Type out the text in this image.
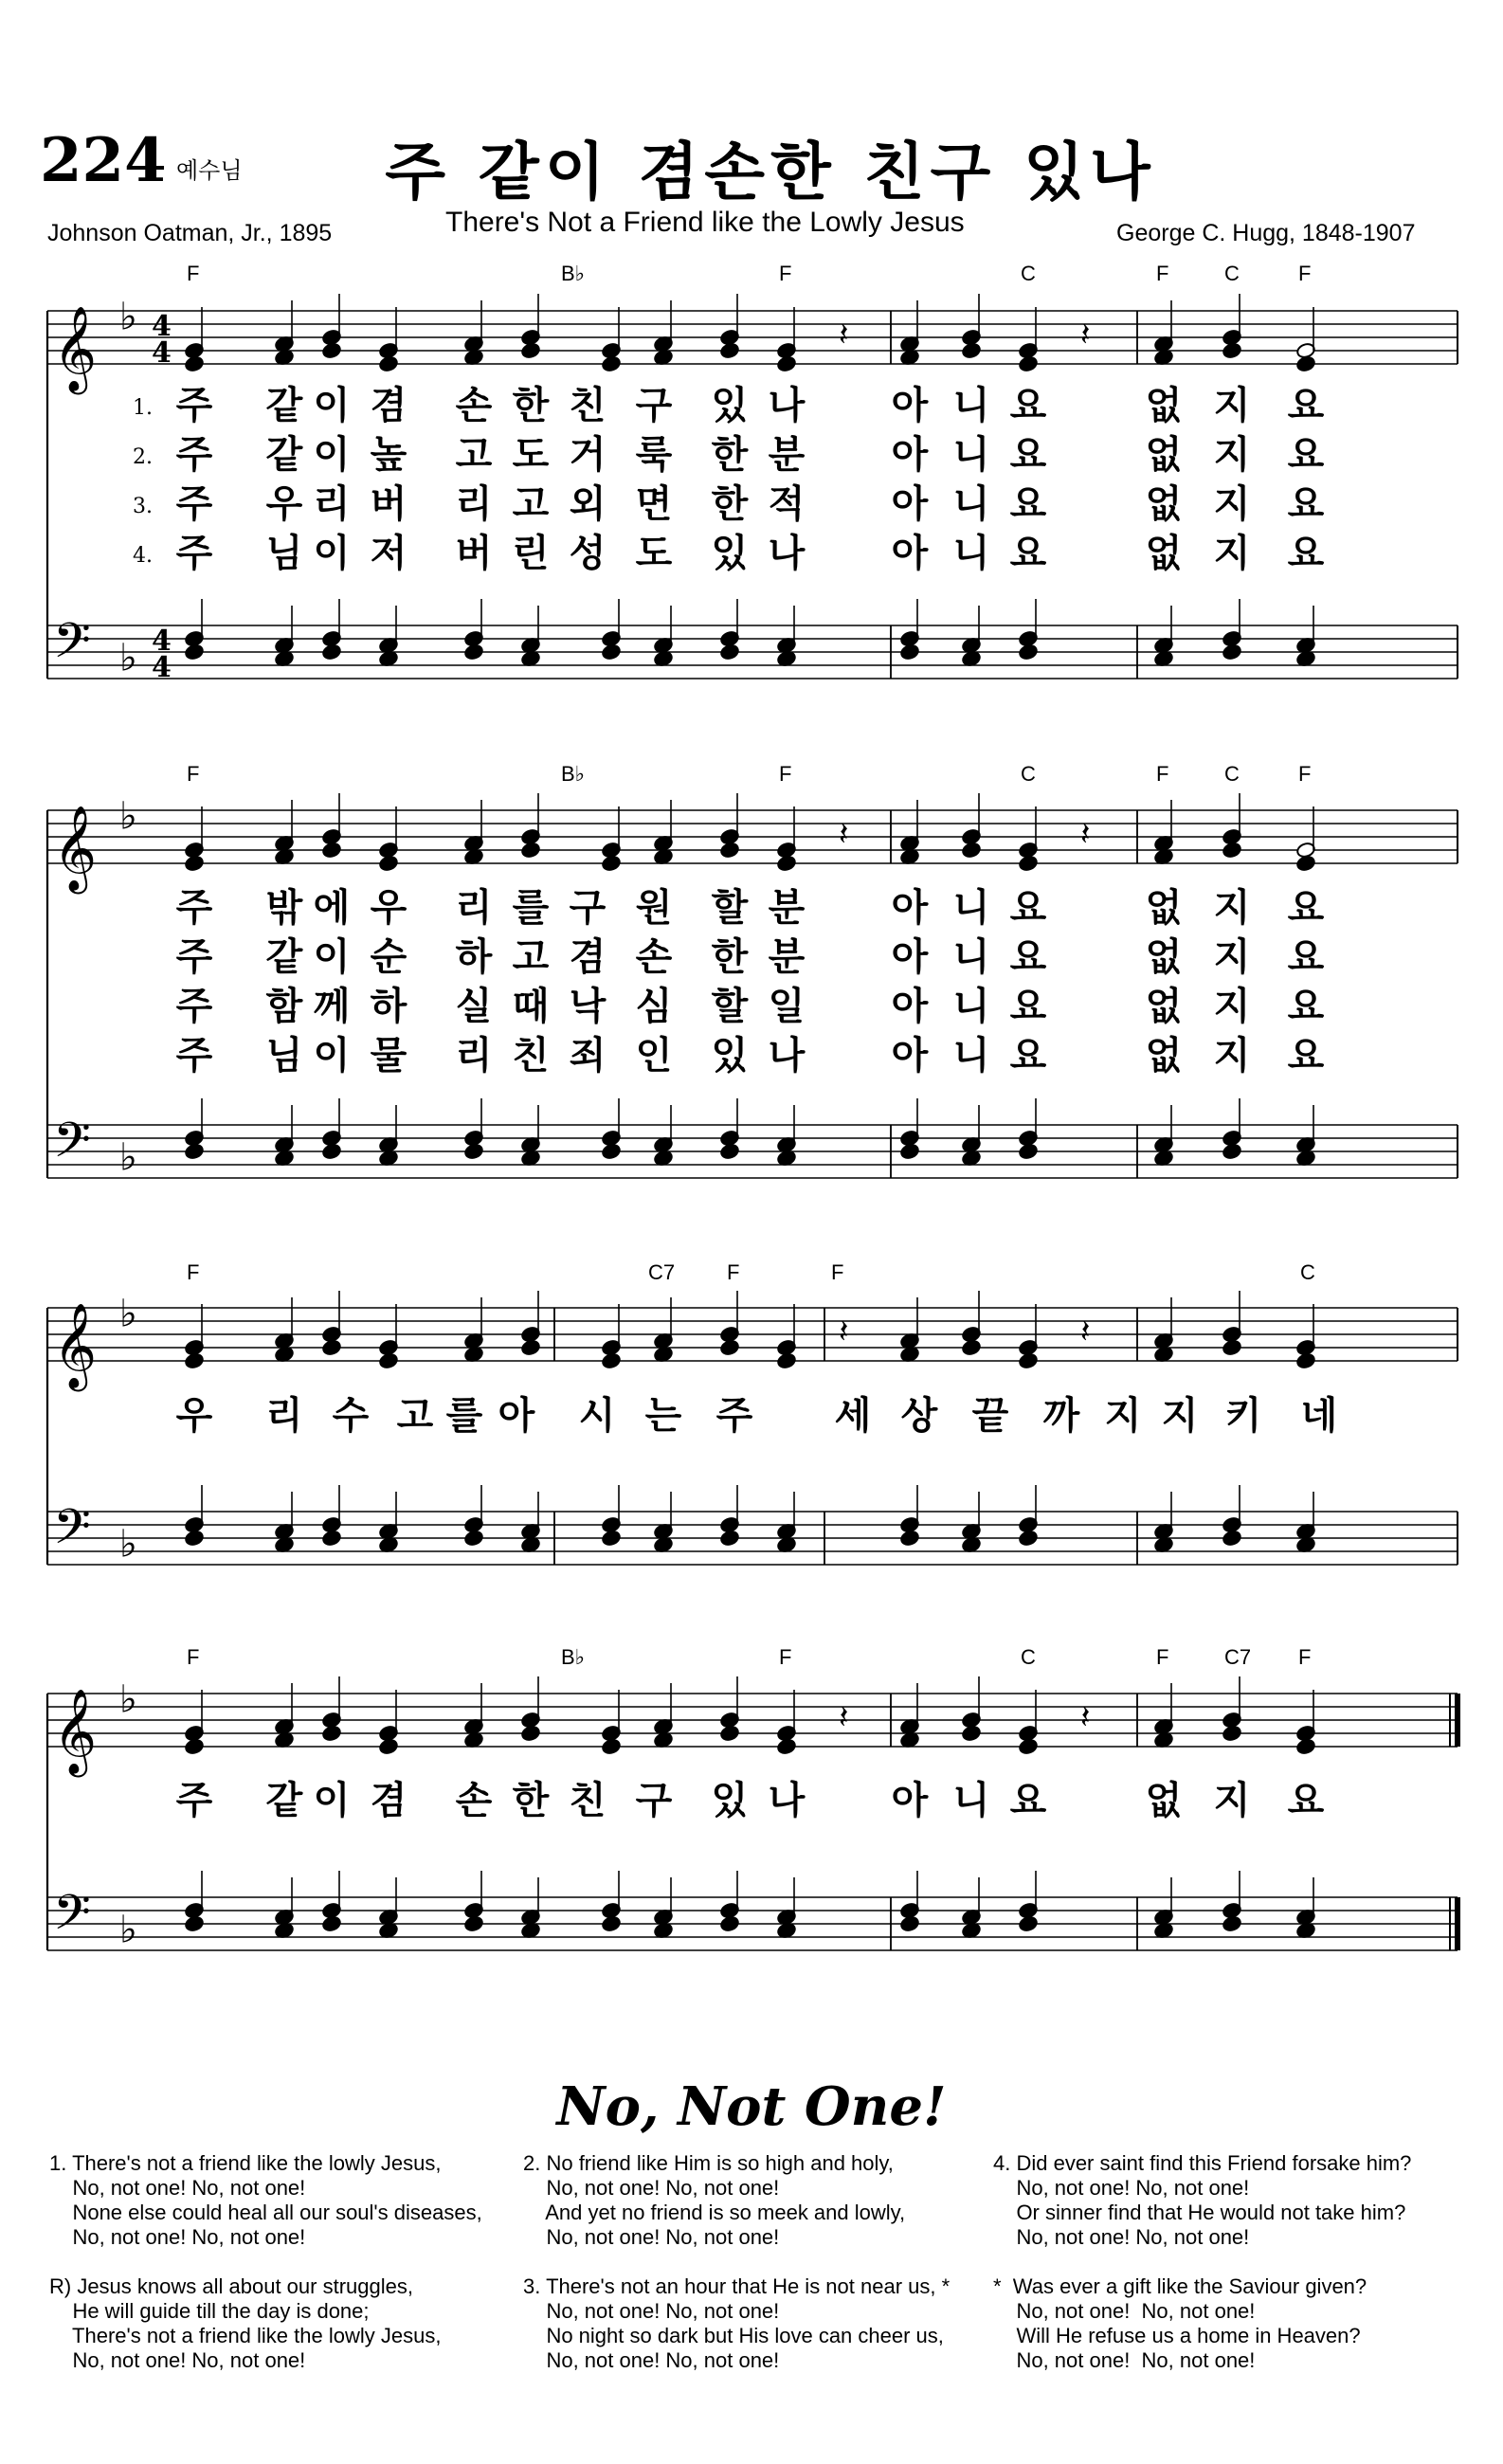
224 예수님	주 같이 겸손한 친구 있나
Johnson Oatman, Jr., 1895	There's Not a Friend like the Lowly Jesus	George C. Hugg, 1848-1907
𝄞 ♭ 4
4	𝄽	𝄽
𝄢 ♭ 4
4
𝄞 ♭	𝄽	𝄽
𝄢 ♭
𝄞 ♭	𝄽	𝄽
𝄢 ♭
𝄞 ♭	𝄽	𝄽
𝄢 ♭
F	B♭	F	C	F	C	F
1. 주 같 이 겸 손 한 친 구 있 나 아 니 요	없 지 요
2. 주 같 이 높 고 도 거 룩 한 분 아 니 요	없 지 요
3. 주 우 리 버 리 고 외 면 한 적 아 니 요	없 지 요
4. 주 님 이 저 버 린 성 도 있 나 아 니 요	없 지 요
F	B♭	F	C	F	C	F
주 밖 에 우 리 를 구 원 할 분 아 니 요	없 지 요
주 같 이 순 하 고 겸 손 한 분 아 니 요	없 지 요
주 함 께 하 실 때 낙 심 할 일 아 니 요	없 지 요
주 님 이 물 리 친 죄 인 있 나 아 니 요	없 지 요
F	C7 F	F	C
우 리 수 고 를 아 시 는 주 세 상 끝 까 지 지 키 네
F	B♭	F	C	F	C7 F
주 같 이 겸 손 한 친 구 있 나 아 니 요	없 지 요
No, Not One!
1. There's not a friend like the lowly Jesus,
No, not one! No, not one!
None else could heal all our soul's diseases,
No, not one! No, not one!

R) Jesus knows all about our struggles,
He will guide till the day is done;
There's not a friend like the lowly Jesus,
No, not one! No, not one!
2. No friend like Him is so high and holy,
No, not one! No, not one!
And yet no friend is so meek and lowly,
No, not one! No, not one!

3. There's not an hour that He is not near us, *
No, not one! No, not one!
No night so dark but His love can cheer us,
No, not one! No, not one!
4. Did ever saint find this Friend forsake him?
No, not one! No, not one!
Or sinner find that He would not take him?
No, not one! No, not one!

*  Was ever a gift like the Saviour given?
No, not one!  No, not one!
Will He refuse us a home in Heaven?
No, not one!  No, not one!
